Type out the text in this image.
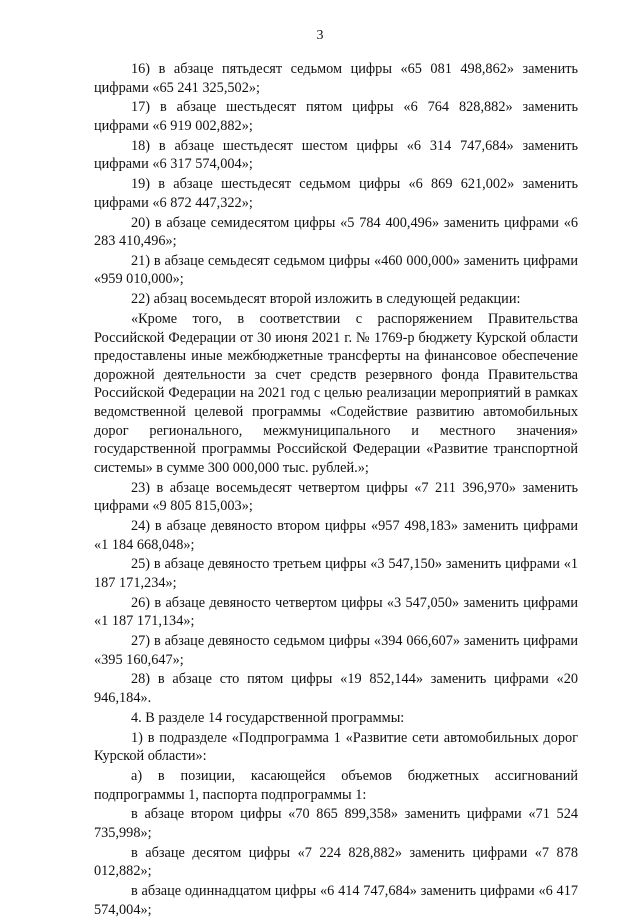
3

16) в абзаце пятьдесят седьмом цифры «65 081 498,862» заменить цифрами «65 241 325,502»;

17) в абзаце шестьдесят пятом цифры «6 764 828,882» заменить цифрами «6 919 002,882»;

18) в абзаце шестьдесят шестом цифры «6 314 747,684» заменить цифрами «6 317 574,004»;

19) в абзаце шестьдесят седьмом цифры «6 869 621,002» заменить цифрами «6 872 447,322»;

20) в абзаце семидесятом цифры «5 784 400,496» заменить цифрами «6 283 410,496»;

21) в абзаце семьдесят седьмом цифры «460 000,000» заменить цифрами «959 010,000»;

22) абзац восемьдесят второй изложить в следующей редакции:

«Кроме того, в соответствии с распоряжением Правительства Российской Федерации от 30 июня 2021 г. № 1769-р бюджету Курской области предоставлены иные межбюджетные трансферты на финансовое обеспечение дорожной деятельности за счет средств резервного фонда Правительства Российской Федерации на 2021 год с целью реализации мероприятий в рамках ведомственной целевой программы «Содействие развитию автомобильных дорог регионального, межмуниципального и местного значения» государственной программы Российской Федерации «Развитие транспортной системы» в сумме 300 000,000 тыс. рублей.»;

23) в абзаце восемьдесят четвертом цифры «7 211 396,970» заменить цифрами «9 805 815,003»;

24) в абзаце девяносто втором цифры «957 498,183» заменить цифрами «1 184 668,048»;

25) в абзаце девяносто третьем цифры «3 547,150» заменить цифрами «1 187 171,234»;

26) в абзаце девяносто четвертом цифры «3 547,050» заменить цифрами «1 187 171,134»;

27) в абзаце девяносто седьмом цифры «394 066,607» заменить цифрами «395 160,647»;

28) в абзаце сто пятом цифры «19 852,144» заменить цифрами «20 946,184».

4. В разделе 14 государственной программы:

1) в подразделе «Подпрограмма 1 «Развитие сети автомобильных дорог Курской области»:

а) в позиции, касающейся объемов бюджетных ассигнований подпрограммы 1, паспорта подпрограммы 1:

в абзаце втором цифры «70 865 899,358» заменить цифрами «71 524 735,998»;

в абзаце десятом цифры «7 224 828,882» заменить цифрами «7 878 012,882»;

в абзаце одиннадцатом цифры «6 414 747,684» заменить цифрами «6 417 574,004»;
